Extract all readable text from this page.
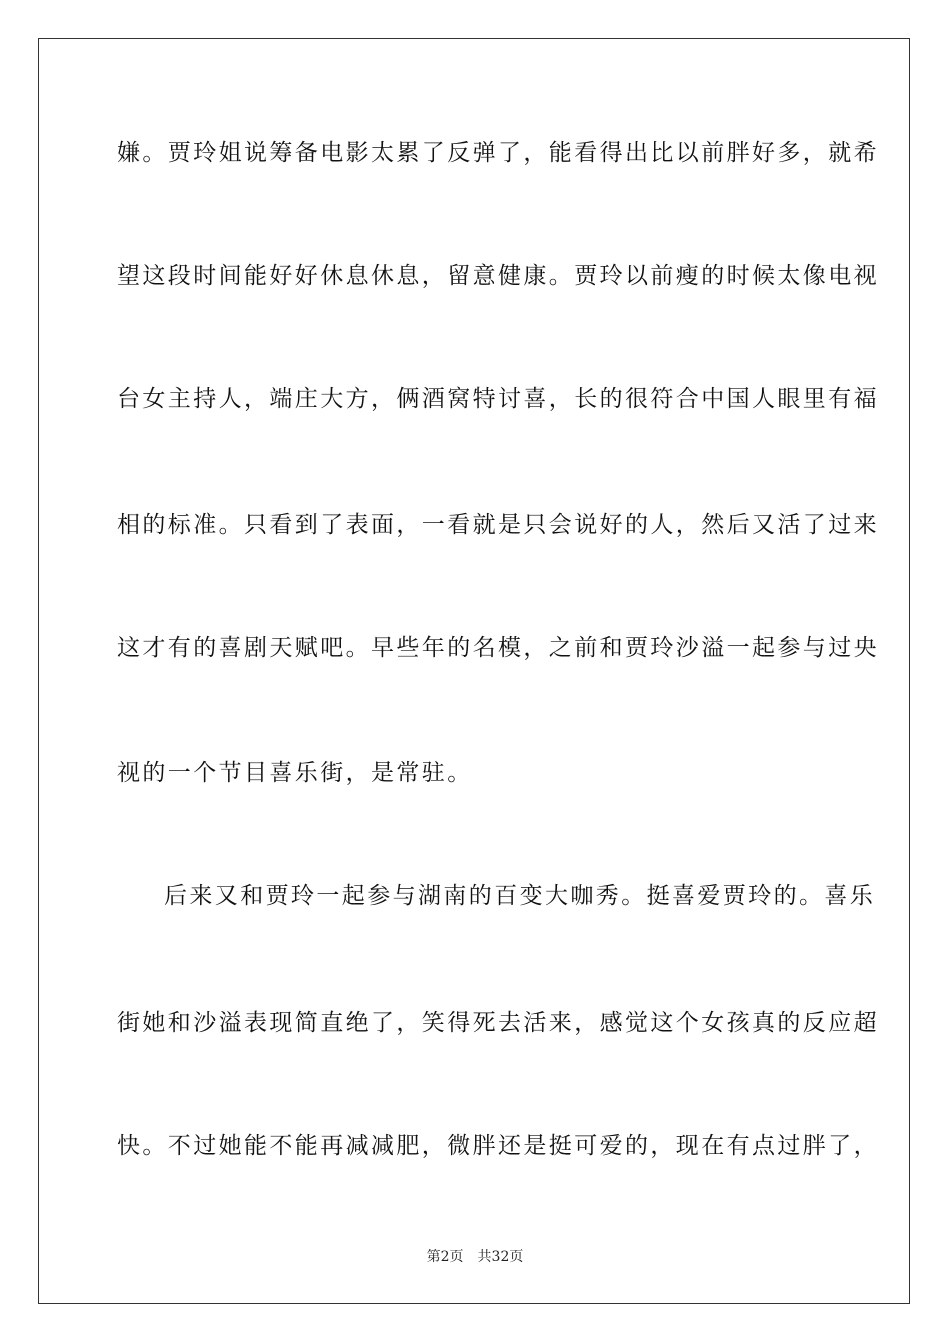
嫌。贾玲姐说筹备电影太累了反弹了，能看得出比以前胖好多，就希
望这段时间能好好休息休息，留意健康。贾玲以前瘦的时候太像电视
台女主持人，端庄大方，俩酒窝特讨喜，长的很符合中国人眼里有福
相的标准。只看到了表面，一看就是只会说好的人，然后又活了过来
这才有的喜剧天赋吧。早些年的名模，之前和贾玲沙溢一起参与过央
视的一个节目喜乐街，是常驻。
后来又和贾玲一起参与湖南的百变大咖秀。挺喜爱贾玲的。喜乐
街她和沙溢表现简直绝了，笑得死去活来，感觉这个女孩真的反应超
快。不过她能不能再减减肥，微胖还是挺可爱的，现在有点过胖了，
第2页 共32页
